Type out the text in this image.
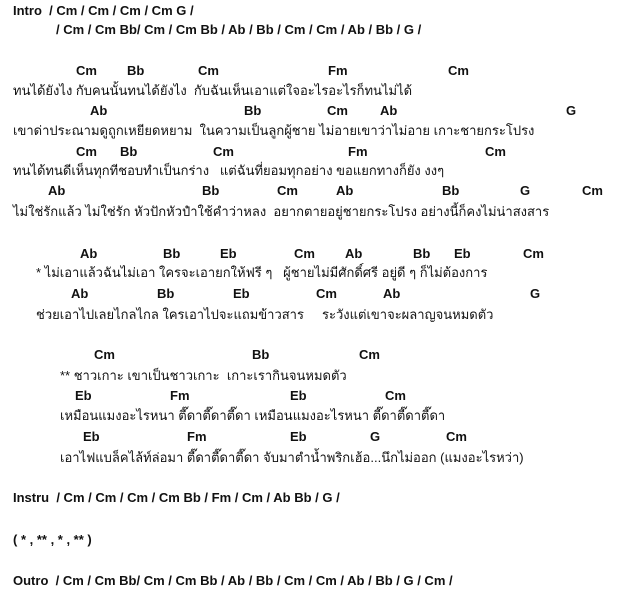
Intro  / Cm / Cm / Cm / Cm G /
/ Cm / Cm Bb/ Cm / Cm Bb / Ab / Bb / Cm / Cm / Ab / Bb / G /
Cm Bb	Cm	Fm	Cm
ทนได้ยังไง กับคนนั้นทนได้ยังไง  กับฉันเห็นเอาแต่ใจอะไรอะไรก็ทนไม่ได้
Ab	Bb	Cm Ab	G
เขาด่าประณามดูถูกเหยียดหยาม  ในความเป็นลูกผู้ชาย ไม่อายเขาว่าไม่อาย เกาะชายกระโปรง
Cm Bb	Cm	Fm	Cm
ทนได้ทนดีเห็นทุกทีชอบทำเป็นกร่าง   แต่ฉันที่ยอมทุกอย่าง ขอแยกทางก็ยัง งงๆ
Ab	Bb	Cm	Ab	Bb	G	Cm
ไม่ใช่รักแล้ว ไม่ใช่รัก หัวปักหัวปำใช้คำว่าหลง  อยากตายอยู่ชายกระโปรง อย่างนี้ก็คงไม่น่าสงสาร
Ab	Bb	Eb	Cm Ab	Bb Eb	Cm
* ไม่เอาแล้วฉันไม่เอา ใครจะเอายกให้ฟรี ๆ   ผู้ชายไม่มีศักดิ์ศรี อยู่ดี ๆ ก็ไม่ต้องการ
Ab	Bb	Eb	Cm	Ab	G
ช่วยเอาไปเลยไกลไกล ใครเอาไปจะแถมข้าวสาร     ระวังแต่เขาจะผลาญจนหมดตัว
Cm	Bb	Cm
** ชาวเกาะ เขาเป็นชาวเกาะ  เกาะเรากินจนหมดตัว
Eb	Fm	Eb	Cm
เหมือนแมงอะไรหนา ตี๊ดาตี๊ดาตี๊ดา เหมือนแมงอะไรหนา ตี๊ดาตี๊ดาตี๊ดา
Eb	Fm	Eb	G	Cm
เอาไฟแบล็คไล้ท์ล่อมา ตี๊ดาตี๊ดาตี๊ดา จับมาตำน้ำพริกเฮ้อ...นึกไม่ออก (แมงอะไรหว่า)
Instru  / Cm / Cm / Cm / Cm Bb / Fm / Cm / Ab Bb / G /
( * , ** , * , ** )
Outro  / Cm / Cm Bb/ Cm / Cm Bb / Ab / Bb / Cm / Cm / Ab / Bb / G / Cm /
